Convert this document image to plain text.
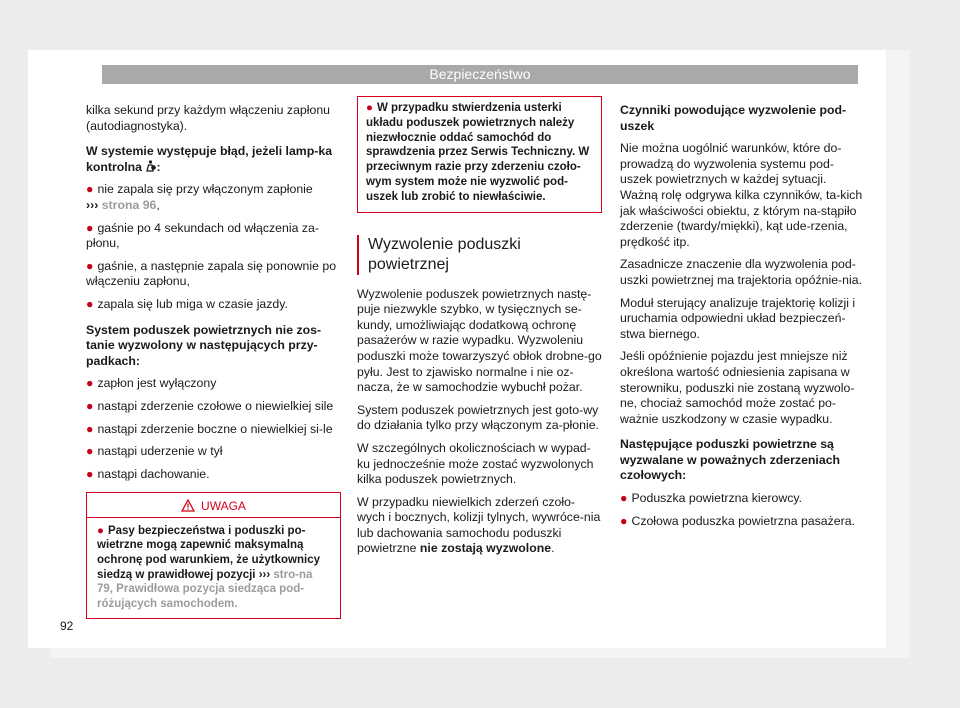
Bezpieczeństwo

kilka sekund przy każdym włączeniu zapłonu (autodiagnostyka).

W systemie występuje błąd, jeżeli lamp-ka kontrolna :

● nie zapala się przy włączonym zapłonie
››› strona 96,

● gaśnie po 4 sekundach od włączenia za-płonu,

● gaśnie, a następnie zapala się ponownie po włączeniu zapłonu,

● zapala się lub miga w czasie jazdy.

System poduszek powietrznych nie zos-tanie wyzwolony w następujących przy-padkach:

● zapłon jest wyłączony

● nastąpi zderzenie czołowe o niewielkiej sile

● nastąpi zderzenie boczne o niewielkiej si-le

● nastąpi uderzenie w tył

● nastąpi dachowanie.

UWAGA
● Pasy bezpieczeństwa i poduszki po-wietrzne mogą zapewnić maksymalną ochronę pod warunkiem, że użytkownicy siedzą w prawidłowej pozycji ››› stro-na 79, Prawidłowa pozycja siedząca pod-różujących samochodem.
● W przypadku stwierdzenia usterki układu poduszek powietrznych należy niezwłocznie oddać samochód do sprawdzenia przez Serwis Techniczny. W przeciwnym razie przy zderzeniu czoło-wym system może nie wyzwolić pod-uszek lub zrobić to niewłaściwie.
Wyzwolenie poduszki powietrznej

Wyzwolenie poduszek powietrznych nastę-puje niezwykle szybko, w tysięcznych se-kundy, umożliwiając dodatkową ochronę pasażerów w razie wypadku. Wyzwoleniu poduszki może towarzyszyć obłok drobne-go pyłu. Jest to zjawisko normalne i nie oz-nacza, że w samochodzie wybuchł pożar.

System poduszek powietrznych jest goto-wy do działania tylko przy włączonym za-płonie.

W szczególnych okolicznościach w wypad-ku jednocześnie może zostać wyzwolonych kilka poduszek powietrznych.

W przypadku niewielkich zderzeń czoło-wych i bocznych, kolizji tylnych, wywróce-nia lub dachowania samochodu poduszki powietrzne nie zostają wyzwolone.

Czynniki powodujące wyzwolenie pod-uszek

Nie można uogólnić warunków, które do-prowadzą do wyzwolenia systemu pod-uszek powietrznych w każdej sytuacji. Ważną rolę odgrywa kilka czynników, ta-kich jak właściwości obiektu, z którym na-stąpiło zderzenie (twardy/miękki), kąt ude-rzenia, prędkość itp.

Zasadnicze znaczenie dla wyzwolenia pod-uszki powietrznej ma trajektoria opóźnie-nia.

Moduł sterujący analizuje trajektorię kolizji i uruchamia odpowiedni układ bezpieczeń-stwa biernego.

Jeśli opóźnienie pojazdu jest mniejsze niż określona wartość odniesienia zapisana w sterowniku, poduszki nie zostaną wyzwolo-ne, chociaż samochód może zostać po-ważnie uszkodzony w czasie wypadku.

Następujące poduszki powietrzne są wyzwalane w poważnych zderzeniach czołowych:

● Poduszka powietrzna kierowcy.

● Czołowa poduszka powietrzna pasażera.

92
